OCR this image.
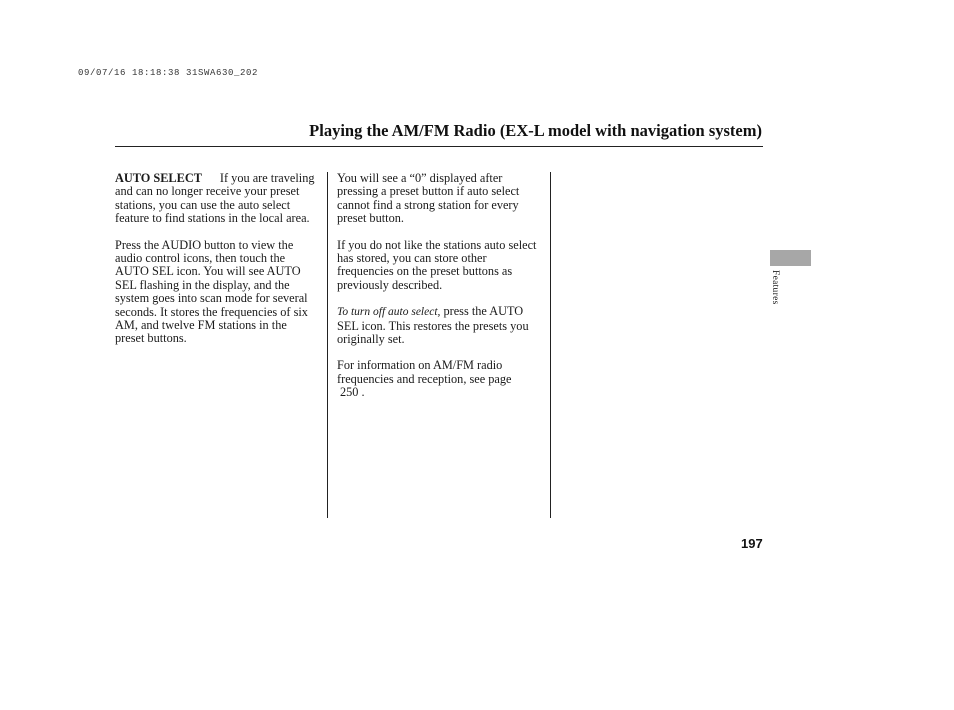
09/07/16 18:18:38 31SWA630_202
Playing the AM/FM Radio (EX-L model with navigation system)

AUTO SELECT If you are traveling and can no longer receive your preset stations, you can use the auto select feature to find stations in the local area.

Press the AUDIO button to view the audio control icons, then touch the AUTO SEL icon. You will see AUTO SEL flashing in the display, and the system goes into scan mode for several seconds. It stores the frequencies of six AM, and twelve FM stations in the preset buttons.

You will see a “0” displayed after pressing a preset button if auto select cannot find a strong station for every preset button.

If you do not like the stations auto select has stored, you can store other frequencies on the preset buttons as previously described.

To turn off auto select, press the AUTO SEL icon. This restores the presets you originally set.

For information on AM/FM radio frequencies and reception, see page
250 .

Features
197
